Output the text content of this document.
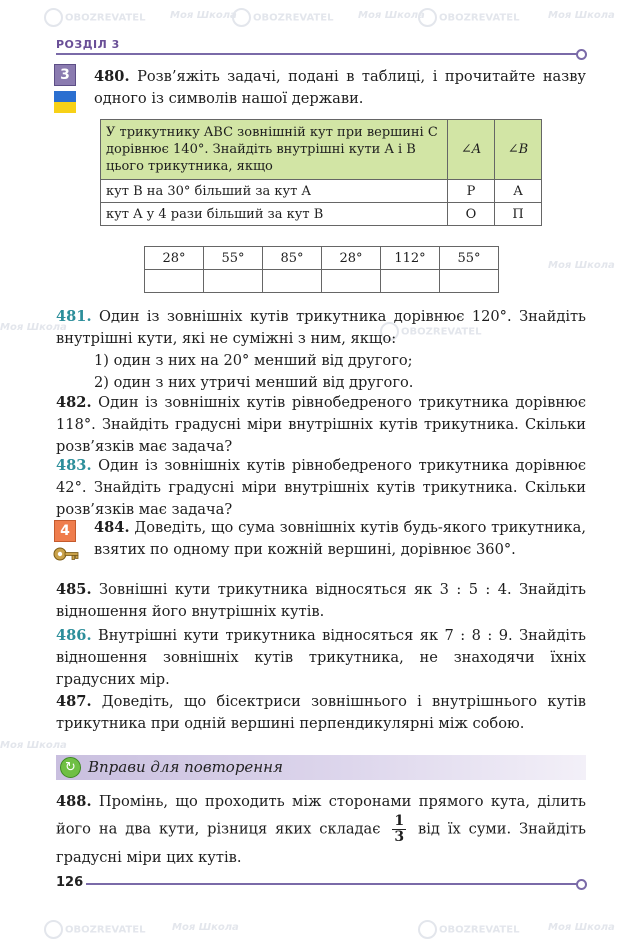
OBOZREVATEL Моя Школа	OBOZREVATEL Моя Школа	OBOZREVATEL	Моя Школа
Моя Школа	OBOZREVATEL
Моя Школа
Моя Школа
OBOZREVATEL
OBOZREVATEL	Моя Школа	Моя Школа
РОЗДІЛ 3
3	480. Розв’яжіть задачі, подані в таблиці, і прочитайте назву одного із символів нашої держави.

У трикутнику ABC зовнішній кут при вершині C дорівнює 140°. Знайдіть внутрішні кути A і B цього трикутника, якщо	∠A	∠B
кут B на 30° більший за кут A	Р	А
кут A у 4 рази більший за кут B	О	П
28°	55°	85°	28°	112°	55°

481. Один із зовнішніх кутів трикутника дорівнює 120°. Знайдіть внутрішні кути, які не суміжні з ним, якщо:
1) один з них на 20° менший від другого;
2) один з них утричі менший від другого.

482. Один із зовнішніх кутів рівнобедреного трикутника дорівнює 118°. Знайдіть градусні міри внутрішніх кутів трикутника. Скільки розв’язків має задача?

483. Один із зовнішніх кутів рівнобедреного трикутника дорівнює 42°. Знайдіть градусні міри внутрішніх кутів трикутника. Скільки розв’язків має задача?

4	484. Доведіть, що сума зовнішніх кутів будь-якого трикутника, взятих по одному при кожній вершині, дорівнює 360°.

485. Зовнішні кути трикутника відносяться як 3 : 5 : 4. Знайдіть відношення його внутрішніх кутів.

486. Внутрішні кути трикутника відносяться як 7 : 8 : 9. Знайдіть відношення зовнішніх кутів трикутника, не знаходячи їхніх градусних мір.

487. Доведіть, що бісектриси зовнішнього і внутрішнього кутів трикутника при одній вершині перпендикулярні між собою.

↻ Вправи для повторення

488. Промінь, що проходить між сторонами прямого кута, ділить його на два кути, різниця яких складає $\frac{1}{3}$ від їх суми. Знайдіть градусні міри цих кутів.

126
